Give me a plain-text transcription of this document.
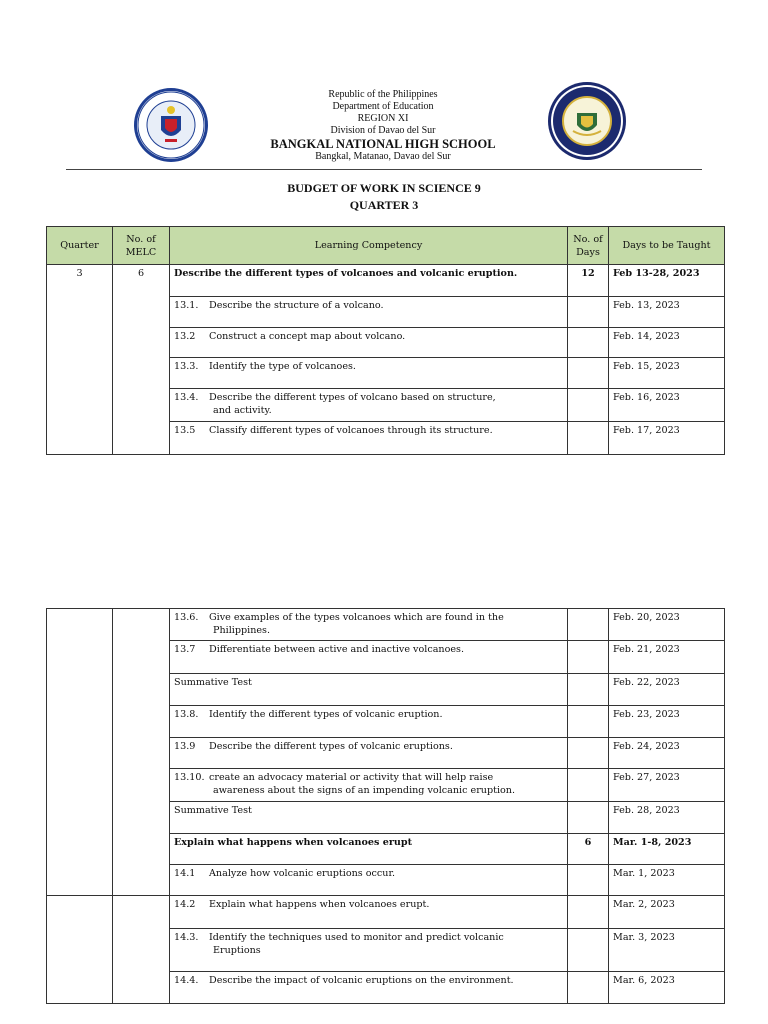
Republic of the Philippines
Department of Education
REGION XI
Division of Davao del Sur
BANGKAL NATIONAL HIGH SCHOOL
Bangkal, Matanao, Davao del Sur
BUDGET OF WORK IN SCIENCE 9
QUARTER 3
Quarter	No. of MELC	Learning Competency	No. of Days	Days to be Taught
3	6	Describe the different types of volcanoes and volcanic eruption.	12	Feb 13-28, 2023
		13.1. Describe the structure of a volcano.		Feb. 13, 2023
		13.2 Construct a concept map about volcano.		Feb. 14, 2023
		13.3. Identify the type of volcanoes.		Feb. 15, 2023
		13.4. Describe the different types of volcano based on structure,
and activity.		Feb. 16, 2023
		13.5 Classify different types of volcanoes through its structure.		Feb. 17, 2023
		13.6. Give examples of the types volcanoes which are found in the
Philippines.		Feb. 20, 2023
		13.7 Differentiate between active and inactive volcanoes.		Feb. 21, 2023
		Summative Test		Feb. 22, 2023
		13.8. Identify the different types of volcanic eruption.		Feb. 23, 2023
		13.9 Describe the different types of volcanic eruptions.		Feb. 24, 2023
		13.10. create an advocacy material or activity that will help raise
awareness about the signs of an impending volcanic eruption.		Feb. 27, 2023
		Summative Test		Feb. 28, 2023
		Explain what happens when volcanoes erupt	6	Mar. 1-8, 2023
		14.1 Analyze how volcanic eruptions occur.		Mar. 1, 2023
		14.2 Explain what happens when volcanoes erupt.		Mar. 2, 2023
		14.3. Identify the techniques used to monitor and predict volcanic
Eruptions		Mar. 3, 2023
		14.4. Describe the impact of volcanic eruptions on the environment.		Mar. 6, 2023
